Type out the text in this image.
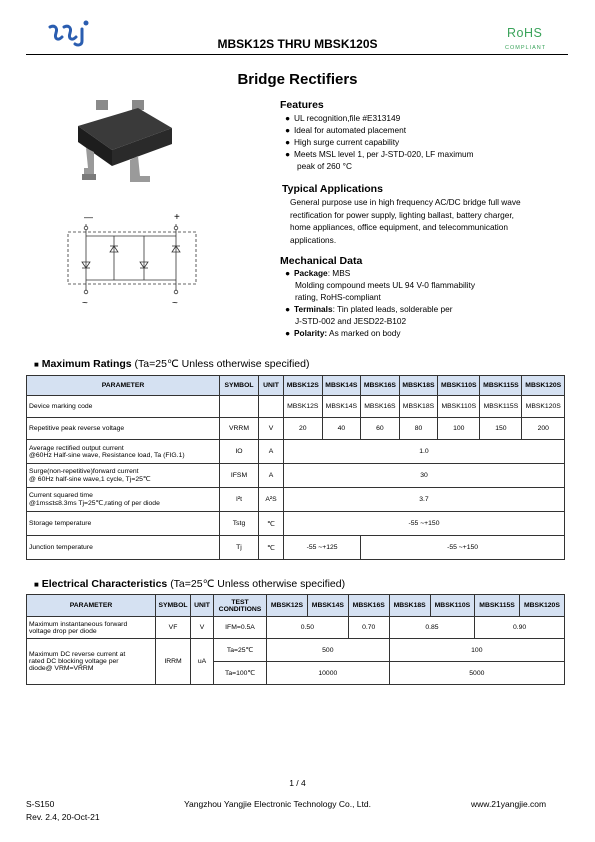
MBSK12S THRU MBSK120S
RoHS
COMPLIANT
Bridge Rectifiers
—	+
~	~
Features
● UL recognition,file #E313149
● Ideal for automated placement
● High surge current capability
● Meets MSL level 1, per J-STD-020, LF maximum
peak of 260 °C
Typical Applications
General purpose use in high frequency AC/DC bridge full wave
rectification for power supply, lighting ballast, battery charger,
home appliances, office equipment, and telecommunication
applications.
Mechanical Data
● Package: MBS
Molding compound meets UL 94 V-0 flammability
rating, RoHS-compliant
● Terminals: Tin plated leads, solderable per
J-STD-002 and JESD22-B102
● Polarity: As marked on body
■ Maximum Ratings (Ta=25℃ Unless otherwise specified)
PARAMETER	SYMBOL	UNIT	MBSK12S	MBSK14S	MBSK16S	MBSK18S	MBSK110S	MBSK115S	MBSK120S
Device marking code			MBSK12S	MBSK14S	MBSK16S	MBSK18S	MBSK110S	MBSK115S	MBSK120S
Repetitive peak reverse voltage	VRRM	V	20	40	60	80	100	150	200

Average rectified output current
@60Hz Half-sine wave, Resistance load, Ta (FIG.1)	IO	A	1.0						

Surge(non-repetitive)forward current
@ 60Hz half-sine wave,1 cycle, Tj=25℃	IFSM	A	30						

Current squared time
@1ms≤t≤8.3ms Tj=25℃,rating of per diode	I²t	A²S	3.7						
Storage temperature	Tstg	℃	-55 ~+150						
Junction temperature	Tj	℃	-55 ~+125		-55 ~+150				
■ Electrical Characteristics (Ta=25℃ Unless otherwise specified)
PARAMETER	SYMBOL	UNIT	TEST CONDITIONS	MBSK12S	MBSK14S	MBSK16S	MBSK18S	MBSK110S	MBSK115S	MBSK120S

Maximum instantaneous forward
voltage drop per diode	VF	V	IFM=0.5A	0.50		0.70	0.85		0.90	

Maximum DC reverse current at
rated DC blocking voltage per
diode@ VRM=VRRM	IRRM	uA	Ta=25℃	500			100			
			Ta=100℃	10000			5000			
1 / 4
S-S150
Rev. 2.4, 20-Oct-21
Yangzhou Yangjie Electronic Technology Co., Ltd.	www.21yangjie.com
